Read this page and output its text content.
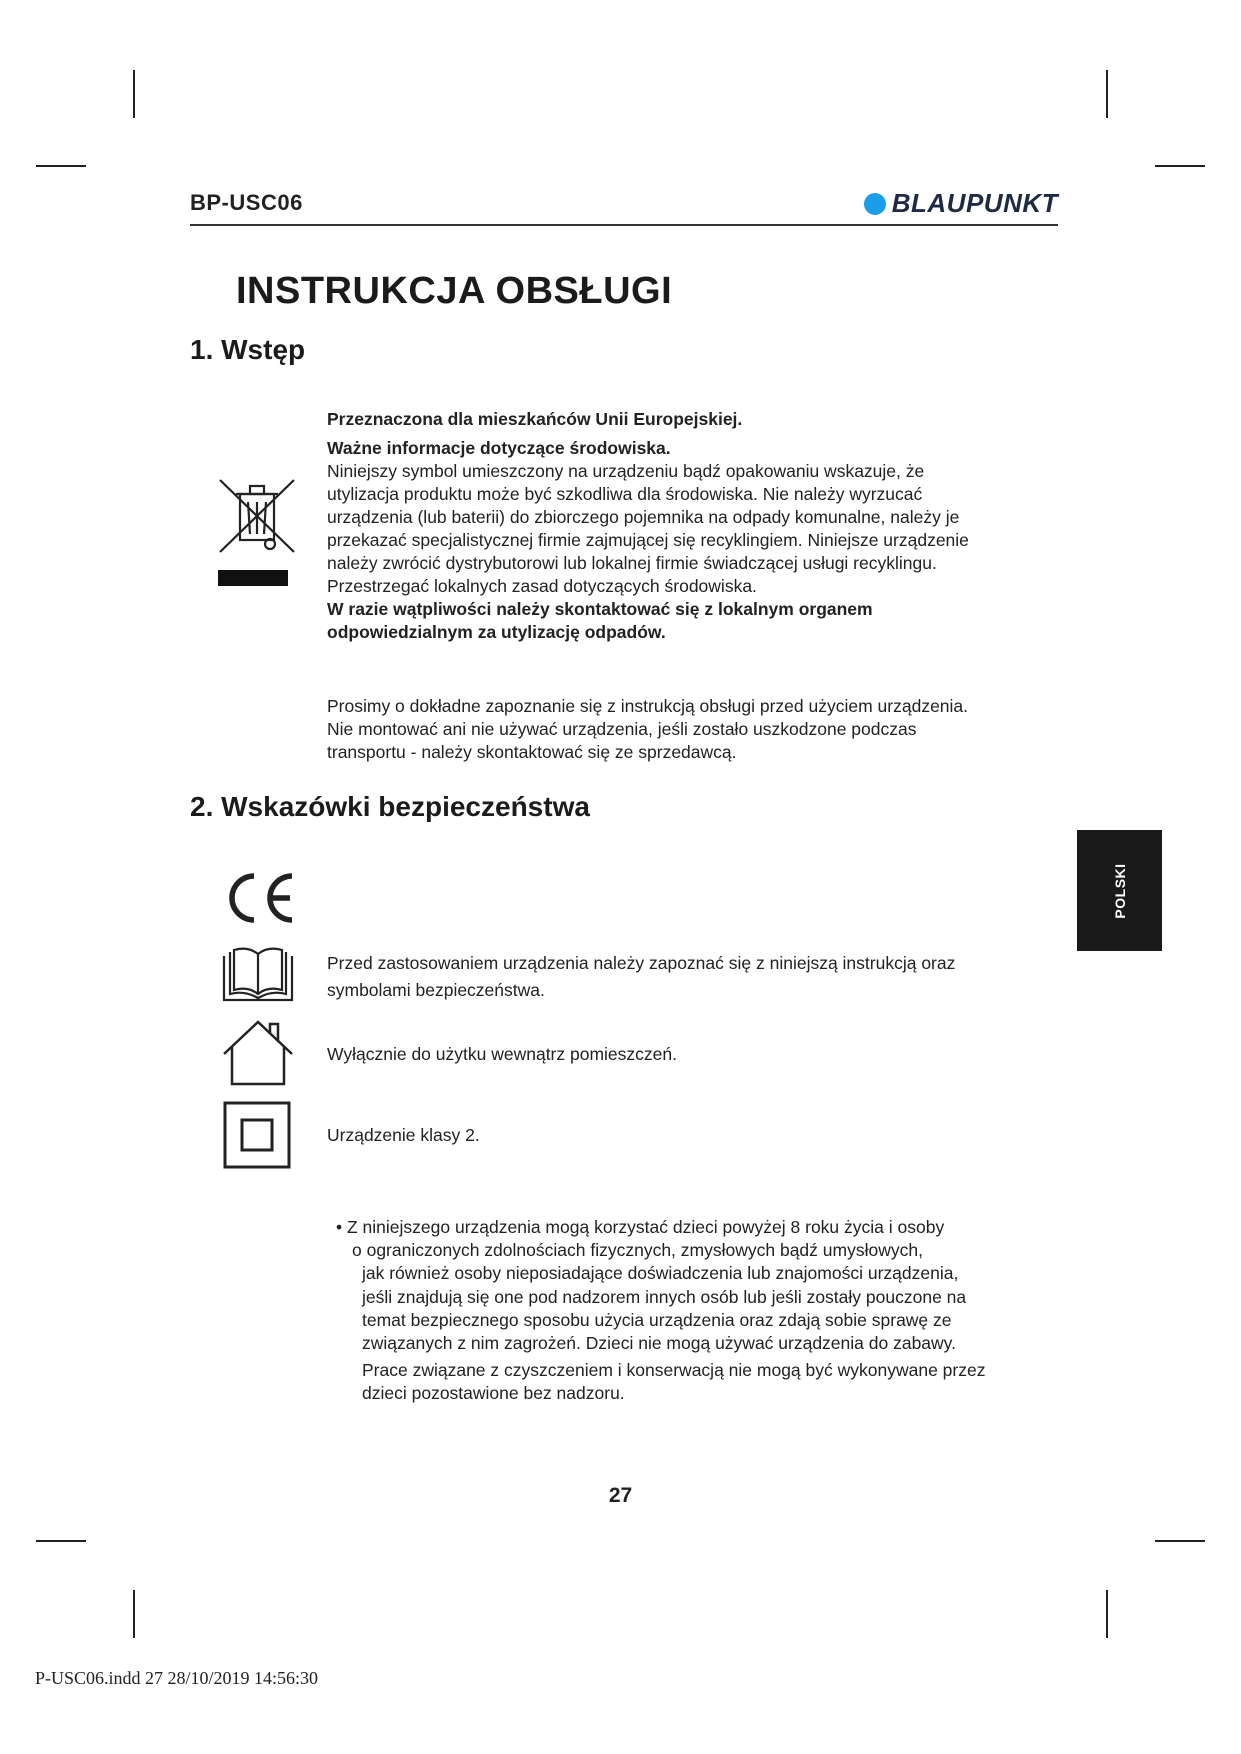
BP-USC06	BLAUPUNKT
INSTRUKCJA OBSŁUGI
1. Wstęp

Przeznaczona dla mieszkańców Unii Europejskiej.

Ważne informacje dotyczące środowiska.

Niniejszy symbol umieszczony na urządzeniu bądź opakowaniu wskazuje, że

utylizacja produktu może być szkodliwa dla środowiska. Nie należy wyrzucać

urządzenia (lub baterii) do zbiorczego pojemnika na odpady komunalne, należy je

przekazać specjalistycznej firmie zajmującej się recyklingiem. Niniejsze urządzenie

należy zwrócić dystrybutorowi lub lokalnej firmie świadczącej usługi recyklingu.

Przestrzegać lokalnych zasad dotyczących środowiska.

W razie wątpliwości należy skontaktować się z lokalnym organem

odpowiedzialnym za utylizację odpadów.

Prosimy o dokładne zapoznanie się z instrukcją obsługi przed użyciem urządzenia.

Nie montować ani nie używać urządzenia, jeśli zostało uszkodzone podczas

transportu - należy skontaktować się ze sprzedawcą.

2. Wskazówki bezpieczeństwa

Przed zastosowaniem urządzenia należy zapoznać się z niniejszą instrukcją oraz

symbolami bezpieczeństwa.

Wyłącznie do użytku wewnątrz pomieszczeń.
Urządzenie klasy 2.

• Z niniejszego urządzenia mogą korzystać dzieci powyżej 8 roku życia i osoby

o ograniczonych zdolnościach fizycznych, zmysłowych bądź umysłowych,

jak również osoby nieposiadające doświadczenia lub znajomości urządzenia,

jeśli znajdują się one pod nadzorem innych osób lub jeśli zostały pouczone na

temat bezpiecznego sposobu użycia urządzenia oraz zdają sobie sprawę ze

związanych z nim zagrożeń. Dzieci nie mogą używać urządzenia do zabawy.

Prace związane z czyszczeniem i konserwacją nie mogą być wykonywane przez

dzieci pozostawione bez nadzoru.

POLSKI
27
P-USC06.indd 27 28/10/2019 14:56:30
